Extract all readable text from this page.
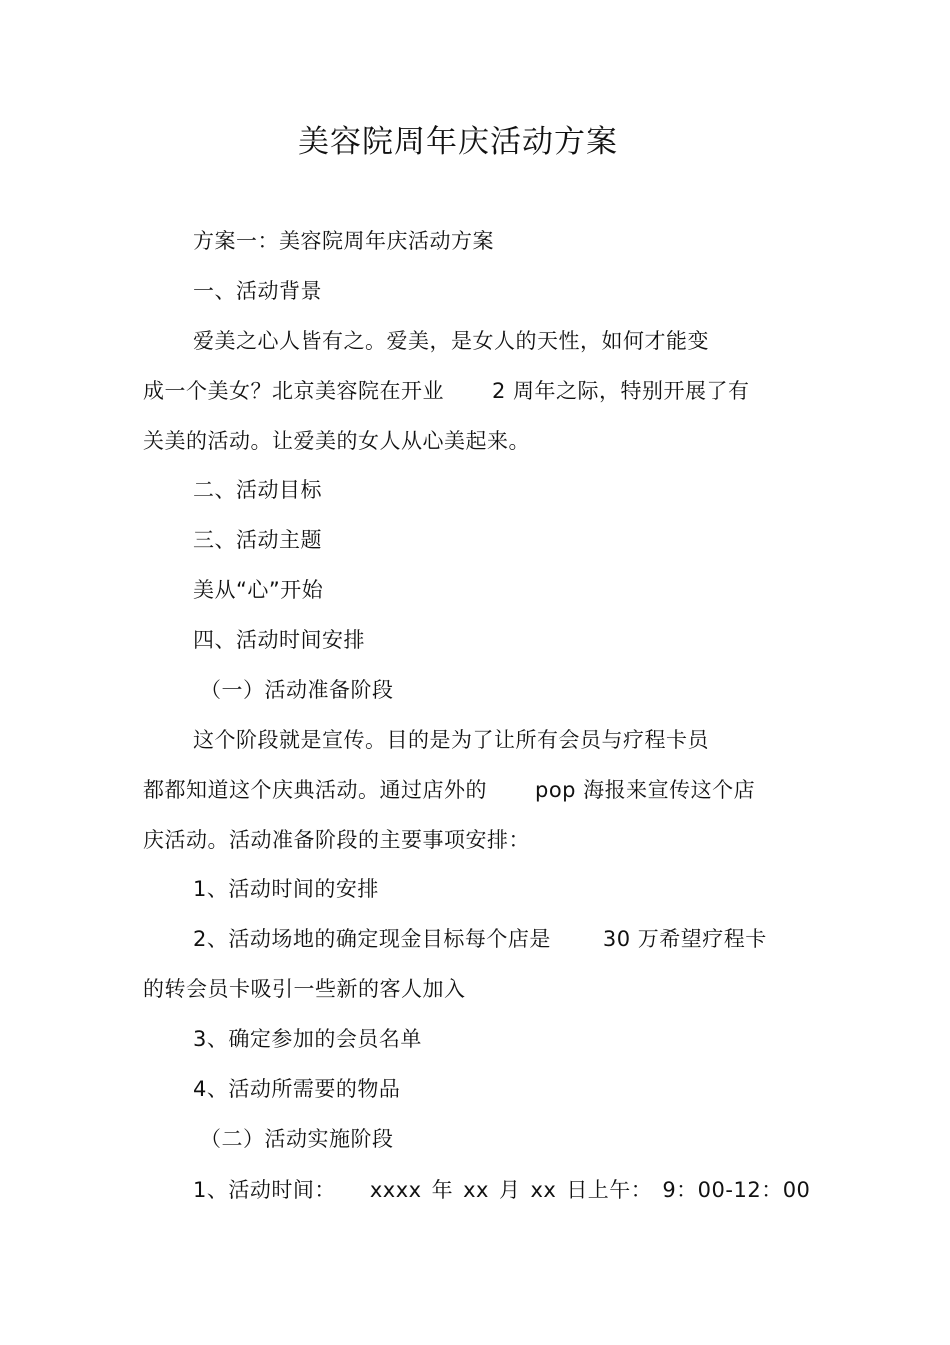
美容院周年庆活动方案
方案一：美容院周年庆活动方案
一、活动背景
爱美之心人皆有之。爱美，是女人的天性，如何才能变
成一个美女？北京美容院在开业 2 周年之际，特别开展了有
关美的活动。让爱美的女人从心美起来。
二、活动目标
三、活动主题
美从“心”开始
四、活动时间安排
（一）活动准备阶段
这个阶段就是宣传。目的是为了让所有会员与疗程卡员
都都知道这个庆典活动。通过店外的 pop 海报来宣传这个店
庆活动。活动准备阶段的主要事项安排：
1、活动时间的安排
2、活动场地的确定现金目标每个店是 30 万希望疗程卡
的转会员卡吸引一些新的客人加入
3、确定参加的会员名单
4、活动所需要的物品
（二）活动实施阶段
1、活动时间： xxxx 年 xx 月 xx 日上午： 9：00-12：00
